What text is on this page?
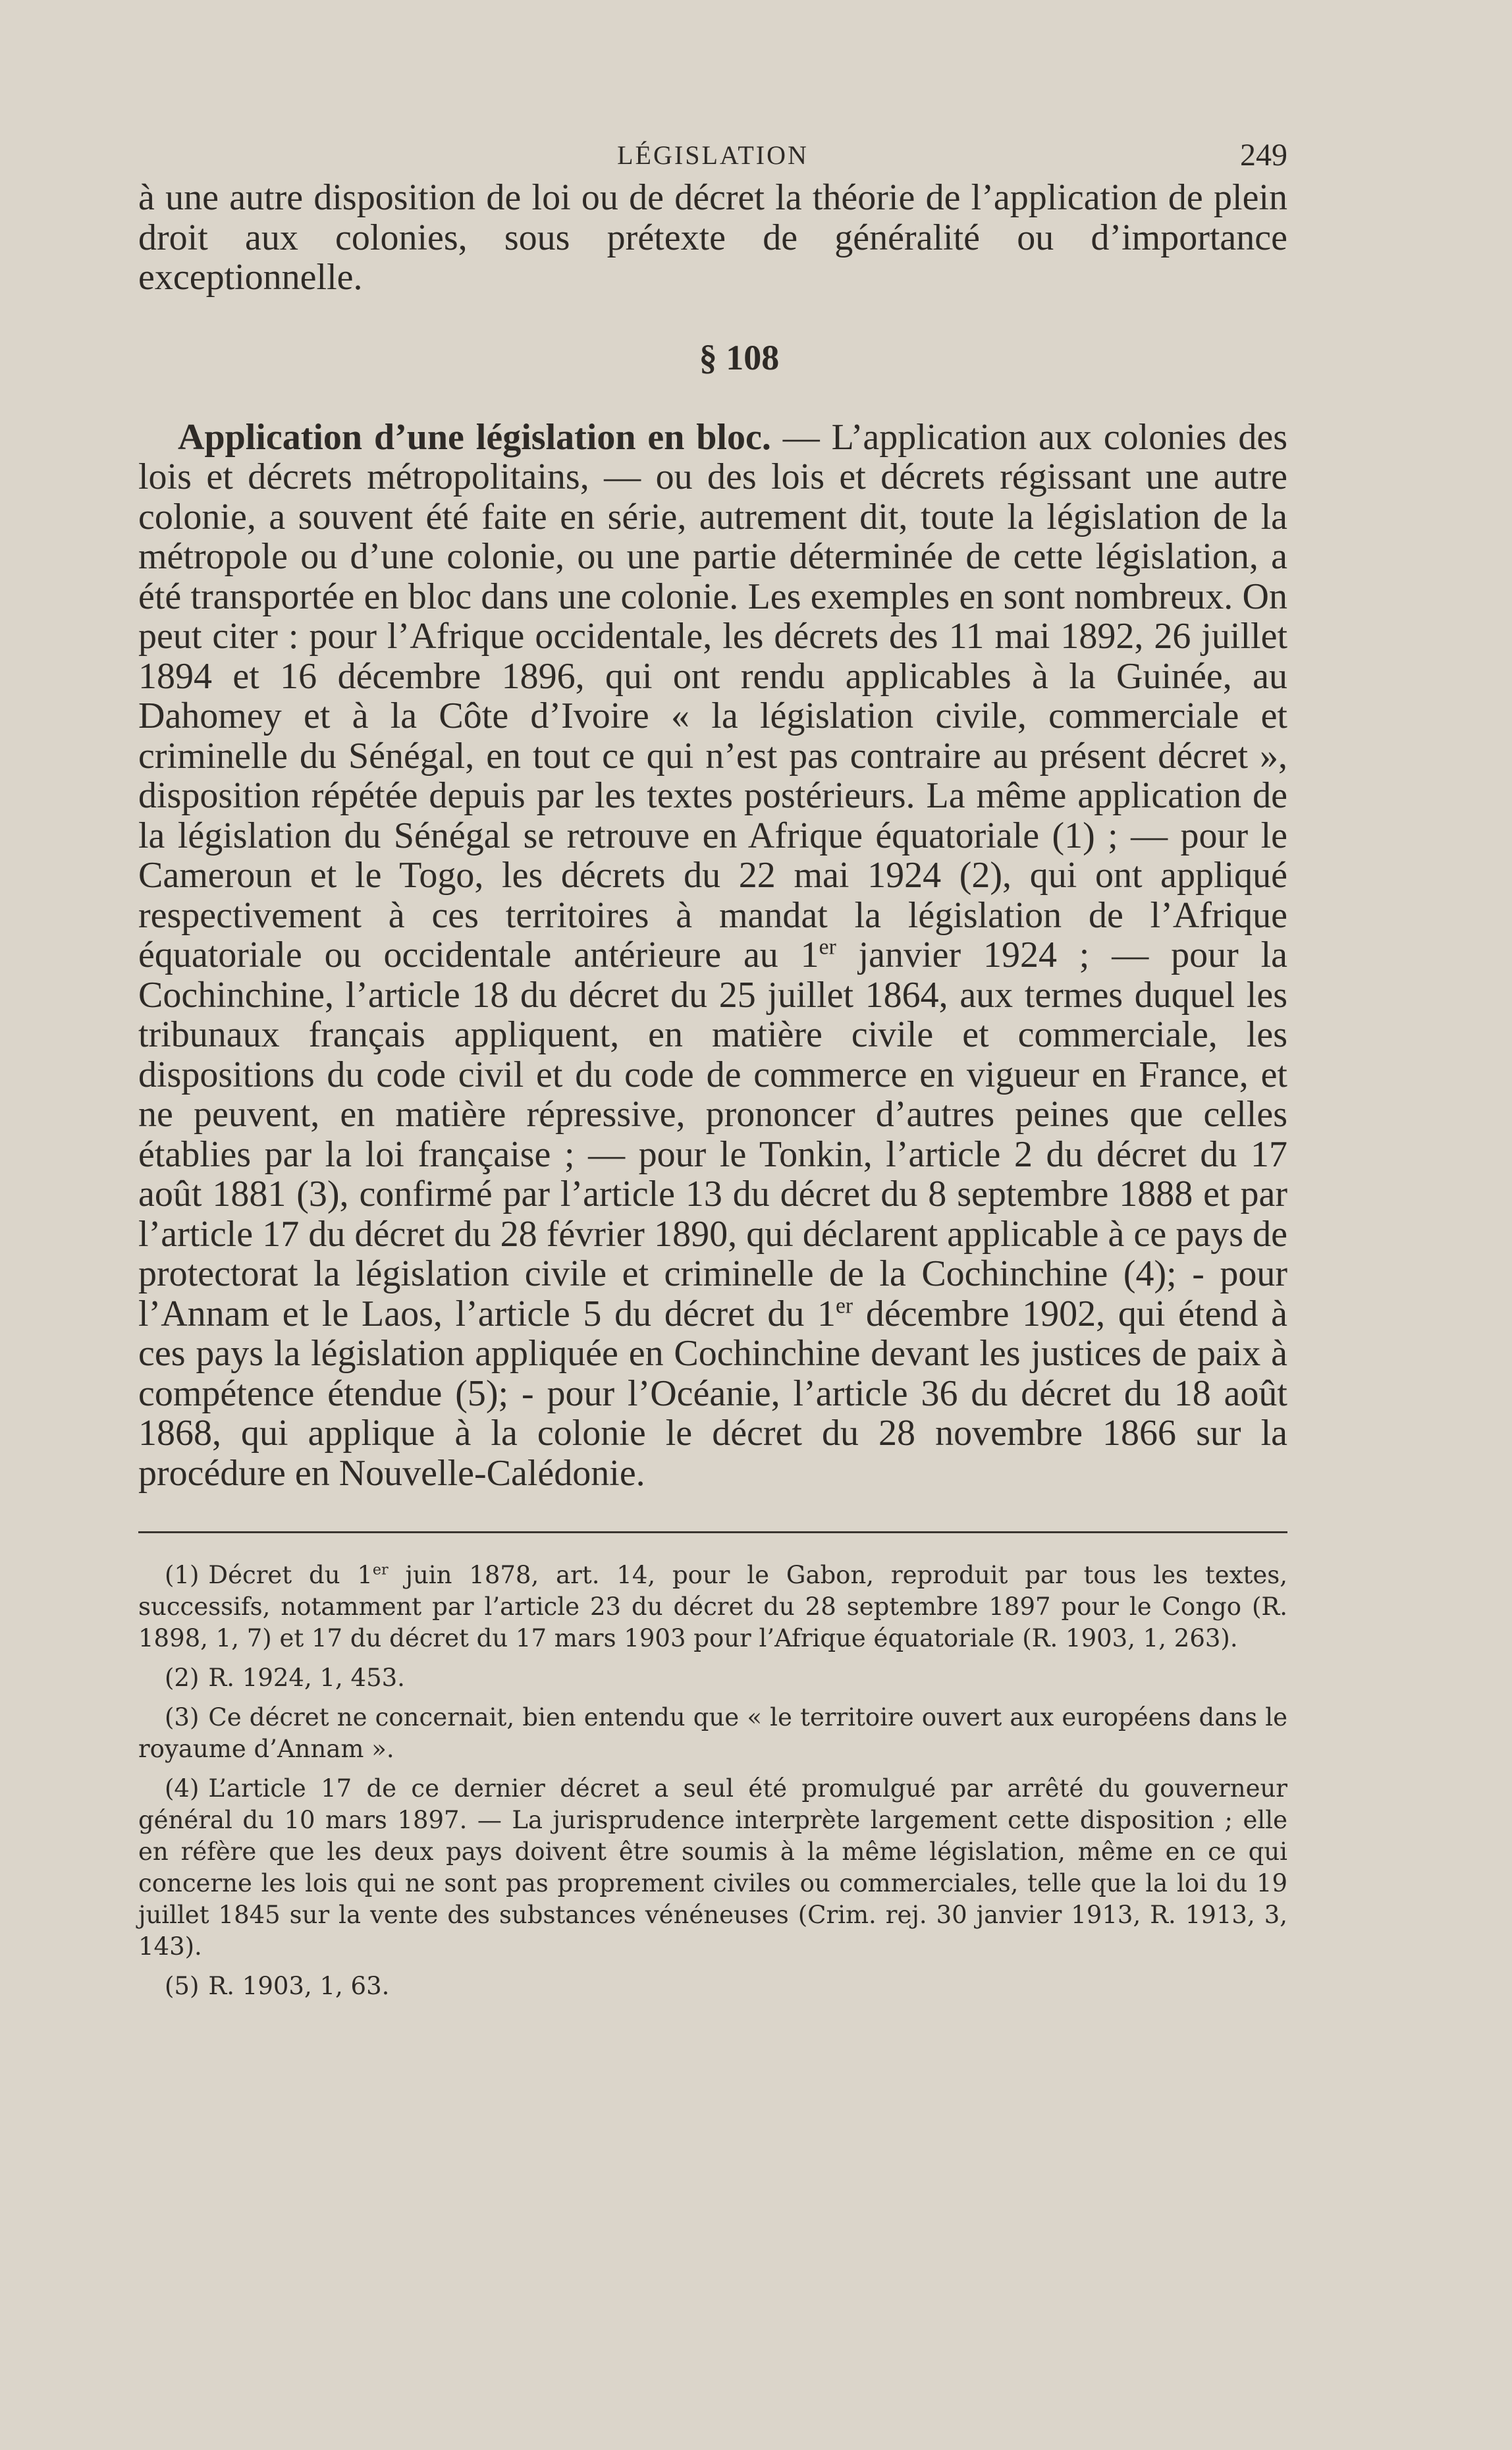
LÉGISLATION	249

à une autre disposition de loi ou de décret la théorie de l’application de plein droit aux colonies, sous prétexte de généralité ou d’importance exceptionnelle.

§ 108

Application d’une législation en bloc. — L’application aux colonies des lois et décrets métropolitains, — ou des lois et décrets régissant une autre colonie, a souvent été faite en série, autrement dit, toute la législation de la métropole ou d’une colonie, ou une partie déterminée de cette législation, a été transportée en bloc dans une colonie. Les exemples en sont nombreux. On peut citer : pour l’Afrique occidentale, les décrets des 11 mai 1892, 26 juillet 1894 et 16 décembre 1896, qui ont rendu applicables à la Guinée, au Dahomey et à la Côte d’Ivoire « la législation civile, commerciale et criminelle du Sénégal, en tout ce qui n’est pas contraire au présent décret », disposition répétée depuis par les textes postérieurs. La même application de la législation du Sénégal se retrouve en Afrique équatoriale (1) ; — pour le Cameroun et le Togo, les décrets du 22 mai 1924 (2), qui ont appliqué respectivement à ces territoires à mandat la législation de l’Afrique équatoriale ou occidentale antérieure au 1er janvier 1924 ; — pour la Cochinchine, l’article 18 du décret du 25 juillet 1864, aux termes duquel les tribunaux français appliquent, en matière civile et commerciale, les dispositions du code civil et du code de commerce en vigueur en France, et ne peuvent, en matière répressive, prononcer d’autres peines que celles établies par la loi française ; — pour le Tonkin, l’article 2 du décret du 17 août 1881 (3), confirmé par l’article 13 du décret du 8 septembre 1888 et par l’article 17 du décret du 28 février 1890, qui déclarent applicable à ce pays de protectorat la législation civile et criminelle de la Cochinchine (4); - pour l’Annam et le Laos, l’article 5 du décret du 1er décembre 1902, qui étend à ces pays la législation appliquée en Cochinchine devant les justices de paix à compétence étendue (5); - pour l’Océanie, l’article 36 du décret du 18 août 1868, qui applique à la colonie le décret du 28 novembre 1866 sur la procédure en Nouvelle-Calédonie.

(1) Décret du 1er juin 1878, art. 14, pour le Gabon, reproduit par tous les textes, successifs, notamment par l’article 23 du décret du 28 septembre 1897 pour le Congo (R. 1898, 1, 7) et 17 du décret du 17 mars 1903 pour l’Afrique équatoriale (R. 1903, 1, 263).

(2) R. 1924, 1, 453.

(3) Ce décret ne concernait, bien entendu que « le territoire ouvert aux européens dans le royaume d’Annam ».

(4) L’article 17 de ce dernier décret a seul été promulgué par arrêté du gouverneur général du 10 mars 1897. — La jurisprudence interprète largement cette disposition ; elle en réfère que les deux pays doivent être soumis à la même législation, même en ce qui concerne les lois qui ne sont pas proprement civiles ou commerciales, telle que la loi du 19 juillet 1845 sur la vente des substances vénéneuses (Crim. rej. 30 janvier 1913, R. 1913, 3, 143).

(5) R. 1903, 1, 63.
